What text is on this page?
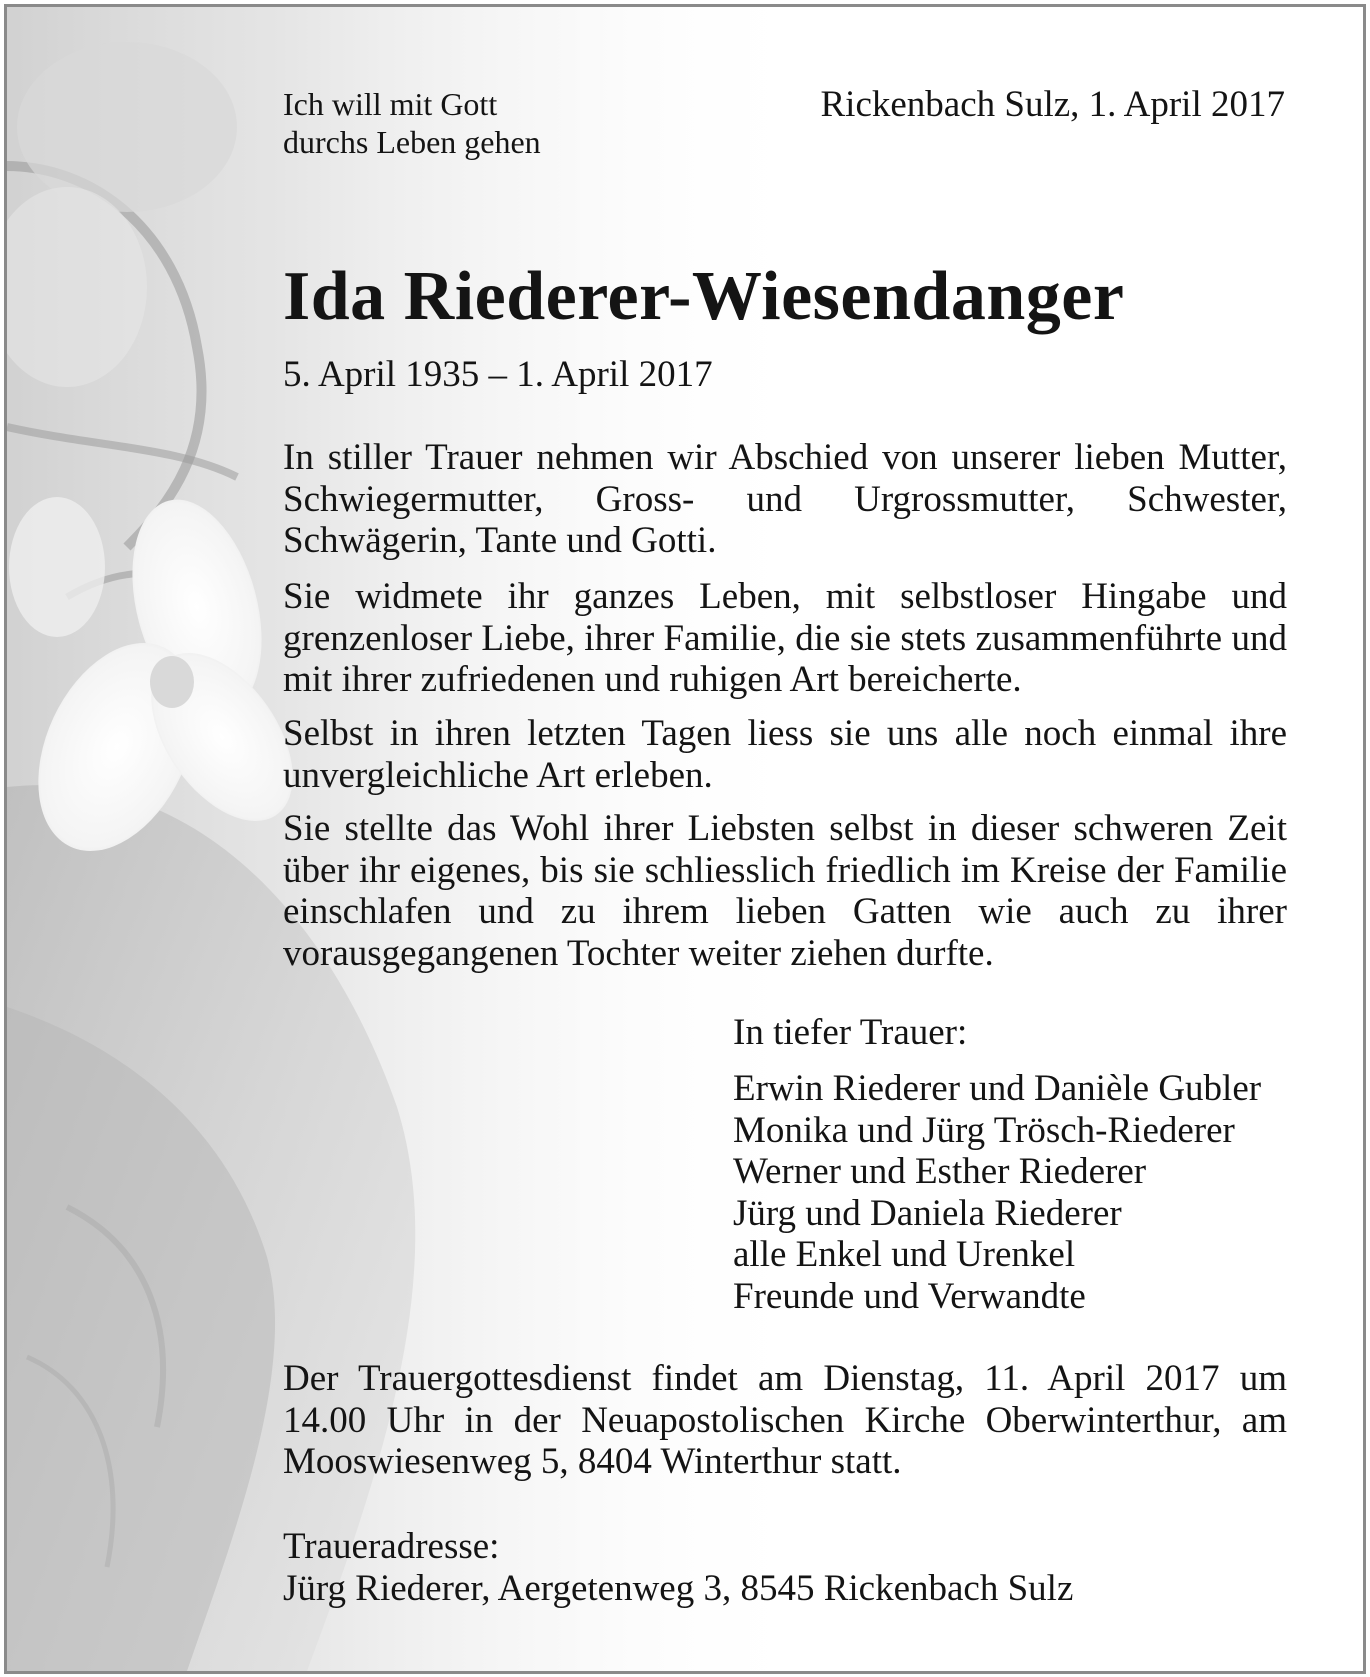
Ich will mit Gott
durchs Leben gehen

Rickenbach Sulz, 1. April 2017

Ida Riederer-Wiesendanger

5. April 1935 – 1. April 2017

In stiller Trauer nehmen wir Abschied von unserer lieben Mutter, Schwiegermutter, Gross- und Urgrossmutter, Schwester, Schwägerin, Tante und Gotti.

Sie widmete ihr ganzes Leben, mit selbstloser Hingabe und grenzenloser Liebe, ihrer Familie, die sie stets zusammenführte und mit ihrer zufriedenen und ruhigen Art bereicherte.

Selbst in ihren letzten Tagen liess sie uns alle noch einmal ihre unvergleichliche Art erleben.

Sie stellte das Wohl ihrer Liebsten selbst in dieser schweren Zeit über ihr eigenes, bis sie schliesslich friedlich im Kreise der Familie einschlafen und zu ihrem lieben Gatten wie auch zu ihrer vorausgegangenen Tochter weiter ziehen durfte.

In tiefer Trauer:

Erwin Riederer und Danièle Gubler
Monika und Jürg Trösch-Riederer
Werner und Esther Riederer
Jürg und Daniela Riederer
alle Enkel und Urenkel
Freunde und Verwandte

Der Trauergottesdienst findet am Dienstag, 11. April 2017 um 14.00 Uhr in der Neuapostolischen Kirche Oberwinterthur, am Mooswiesenweg 5, 8404 Winterthur statt.

Traueradresse:

Jürg Riederer, Aergetenweg 3, 8545 Rickenbach Sulz
